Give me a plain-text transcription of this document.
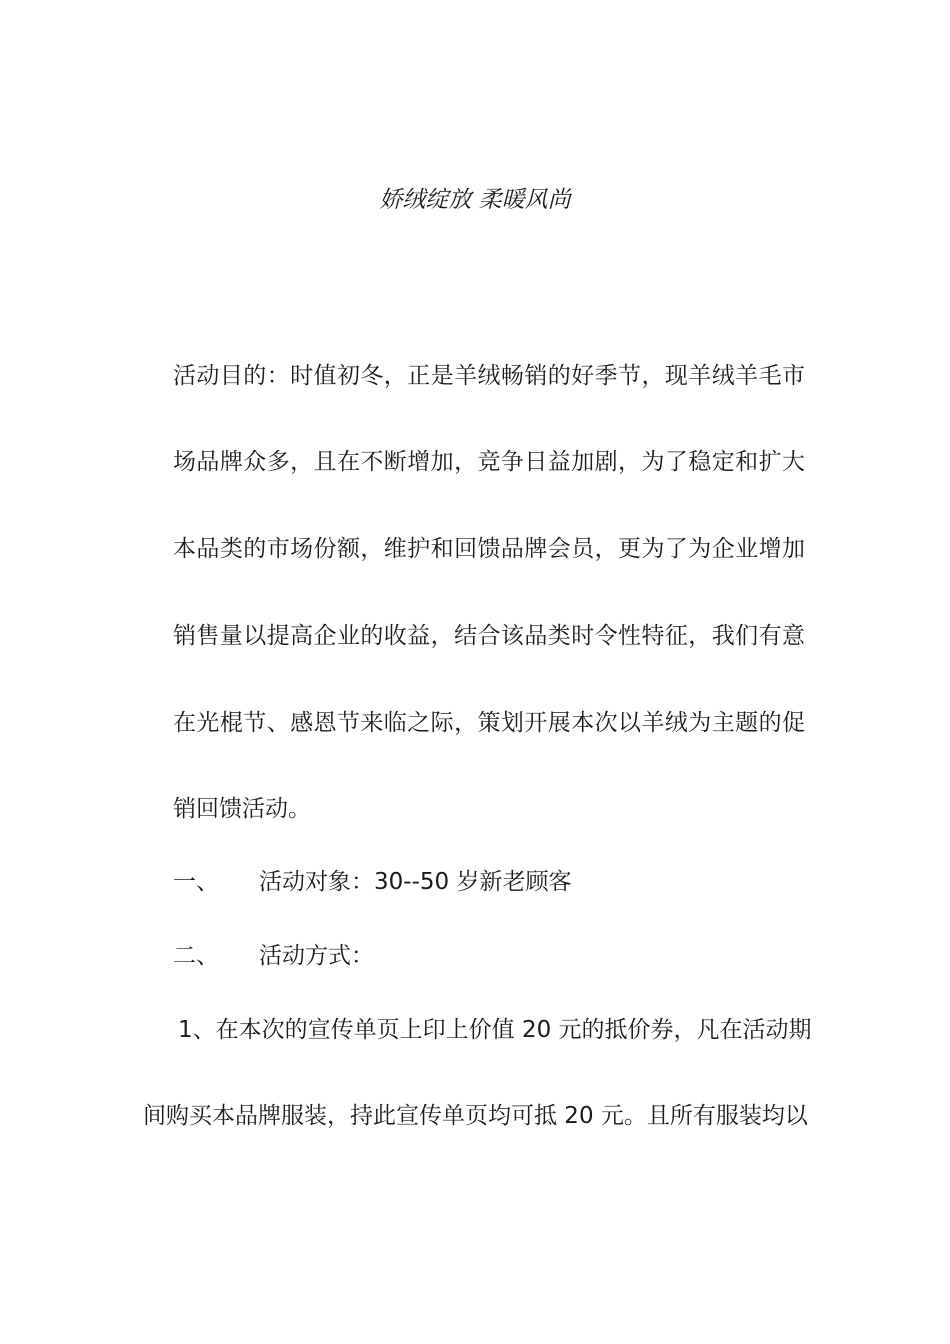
娇绒绽放 柔暖风尚
活动目的：时值初冬，正是羊绒畅销的好季节，现羊绒羊毛市
场品牌众多，且在不断增加，竞争日益加剧，为了稳定和扩大
本品类的市场份额，维护和回馈品牌会员，更为了为企业增加
销售量以提高企业的收益，结合该品类时令性特征，我们有意
在光棍节、感恩节来临之际，策划开展本次以羊绒为主题的促
销回馈活动。
一、 活动对象：30--50 岁新老顾客
二、 活动方式：
1、在本次的宣传单页上印上价值 20 元的抵价券，凡在活动期
间购买本品牌服装，持此宣传单页均可抵 20 元。且所有服装均以
